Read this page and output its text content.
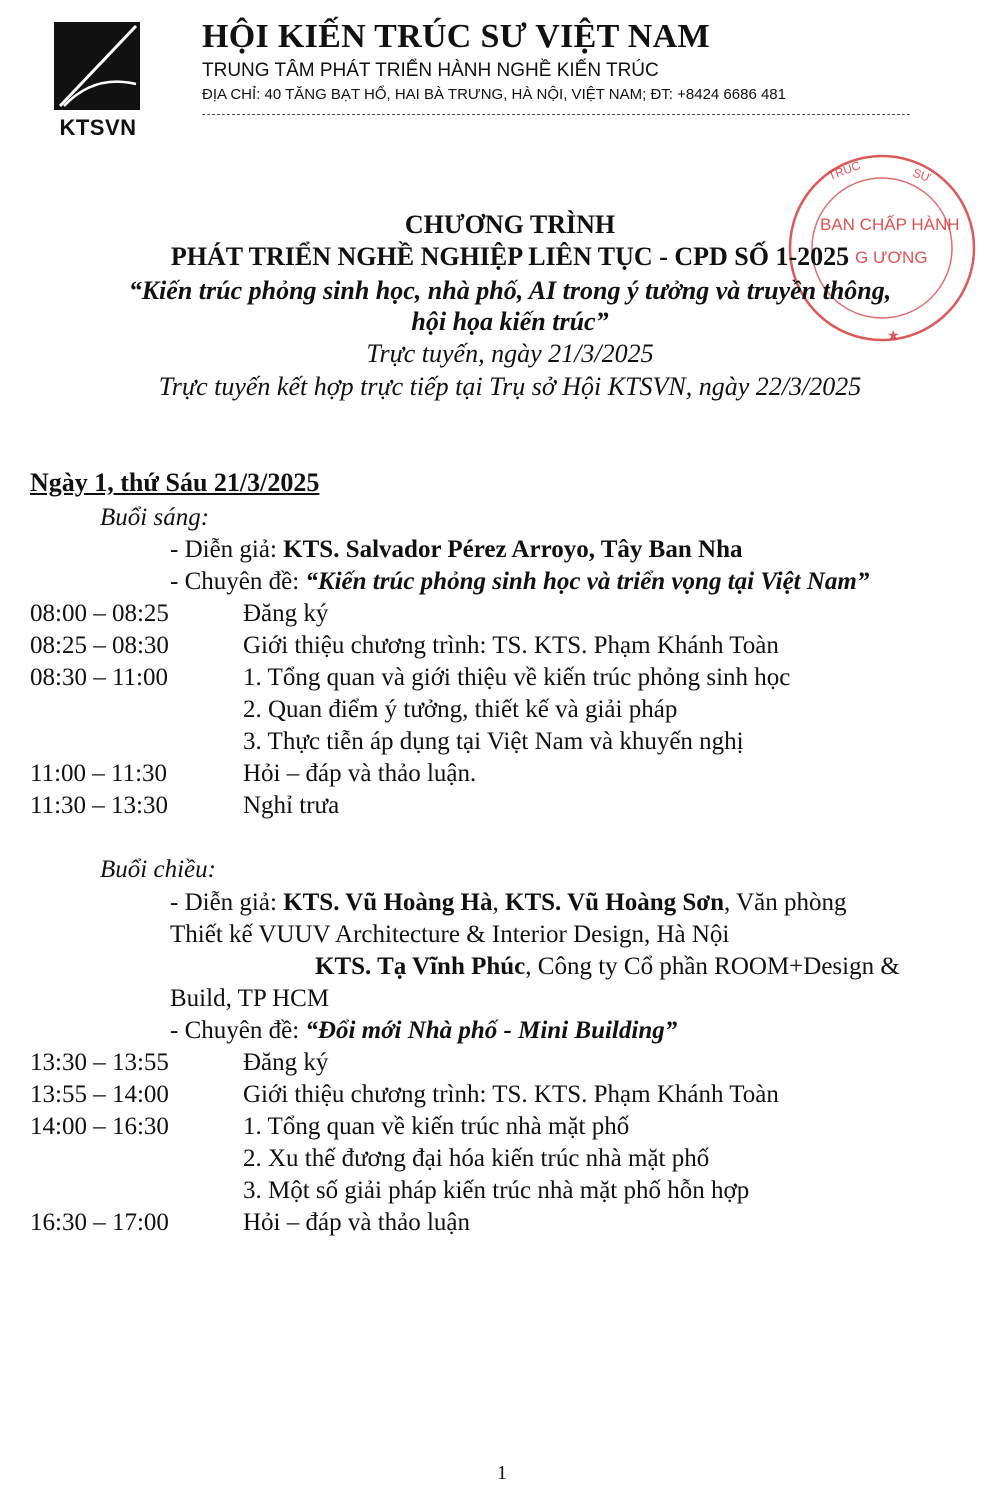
KTSVN
HỘI KIẾN TRÚC SƯ VIỆT NAM
TRUNG TÂM PHÁT TRIỂN HÀNH NGHỀ KIẾN TRÚC
ĐỊA CHỈ: 40 TĂNG BẠT HỔ, HAI BÀ TRƯNG, HÀ NỘI, VIỆT NAM; ĐT: +8424 6686 481
TRÚC	SƯ
★
BAN CHẤP HÀNH
G ƯƠNG
CHƯƠNG TRÌNH
PHÁT TRIỂN NGHỀ NGHIỆP LIÊN TỤC - CPD SỐ 1-2025
“Kiến trúc phỏng sinh học, nhà phố, AI trong ý tưởng và truyền thông,
hội họa kiến trúc”
Trực tuyến, ngày 21/3/2025
Trực tuyến kết hợp trực tiếp tại Trụ sở Hội KTSVN, ngày 22/3/2025
Ngày 1, thứ Sáu 21/3/2025
Buổi sáng:
- Diễn giả: KTS. Salvador Pérez Arroyo, Tây Ban Nha
- Chuyên đề: “Kiến trúc phỏng sinh học và triển vọng tại Việt Nam”
08:00 – 08:25	Đăng ký
08:25 – 08:30	Giới thiệu chương trình: TS. KTS. Phạm Khánh Toàn
08:30 – 11:00	1. Tổng quan và giới thiệu về kiến trúc phỏng sinh học
2. Quan điểm ý tưởng, thiết kế và giải pháp
3. Thực tiễn áp dụng tại Việt Nam và khuyến nghị
11:00 – 11:30	Hỏi – đáp và thảo luận.
11:30 – 13:30	Nghỉ trưa
Buổi chiều:
- Diễn giả: KTS. Vũ Hoàng Hà, KTS. Vũ Hoàng Sơn, Văn phòng
Thiết kế VUUV Architecture & Interior Design, Hà Nội
KTS. Tạ Vĩnh Phúc, Công ty Cổ phần ROOM+Design &
Build, TP HCM
- Chuyên đề: “Đổi mới Nhà phố - Mini Building”
13:30 – 13:55	Đăng ký
13:55 – 14:00	Giới thiệu chương trình: TS. KTS. Phạm Khánh Toàn
14:00 – 16:30	1. Tổng quan về kiến trúc nhà mặt phố
2. Xu thế đương đại hóa kiến trúc nhà mặt phố
3. Một số giải pháp kiến trúc nhà mặt phố hỗn hợp
16:30 – 17:00	Hỏi – đáp và thảo luận
1
